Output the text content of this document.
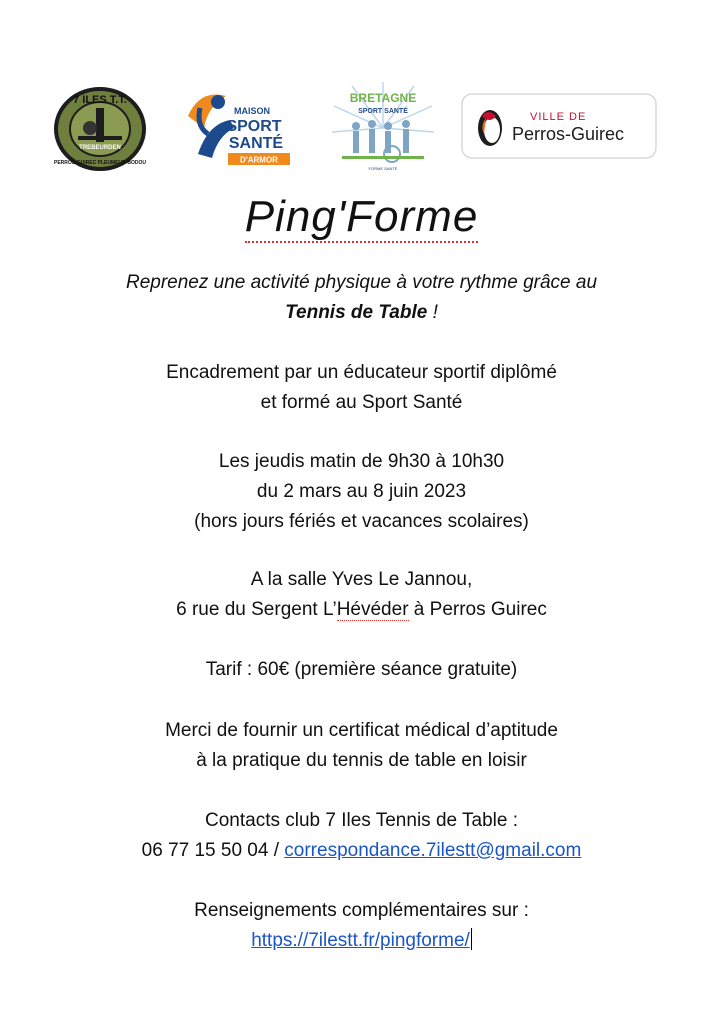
7 ILES T.T.
TREBEURDEN
PERROS-GUIREC PLEUMEUR-BODOU
MAISON
SPORT
SANTÉ
D'ARMOR
BRETAGNE
SPORT SANTÉ
FORME SANTÉ
VILLE DE
Perros-Guirec
Ping'Forme
Reprenez une activité physique à votre rythme grâce au
Tennis de Table !
Encadrement par un éducateur sportif diplômé
et formé au Sport Santé
Les jeudis matin de 9h30 à 10h30
du 2 mars au 8 juin 2023
(hors jours fériés et vacances scolaires)
A la salle Yves Le Jannou,
6 rue du Sergent L’Hévéder à Perros Guirec
Tarif : 60€ (première séance gratuite)
Merci de fournir un certificat médical d’aptitude
à la pratique du tennis de table en loisir
Contacts club 7 Iles Tennis de Table :
06 77 15 50 04 / correspondance.7ilestt@gmail.com
Renseignements complémentaires sur :
https://7ilestt.fr/pingforme/
